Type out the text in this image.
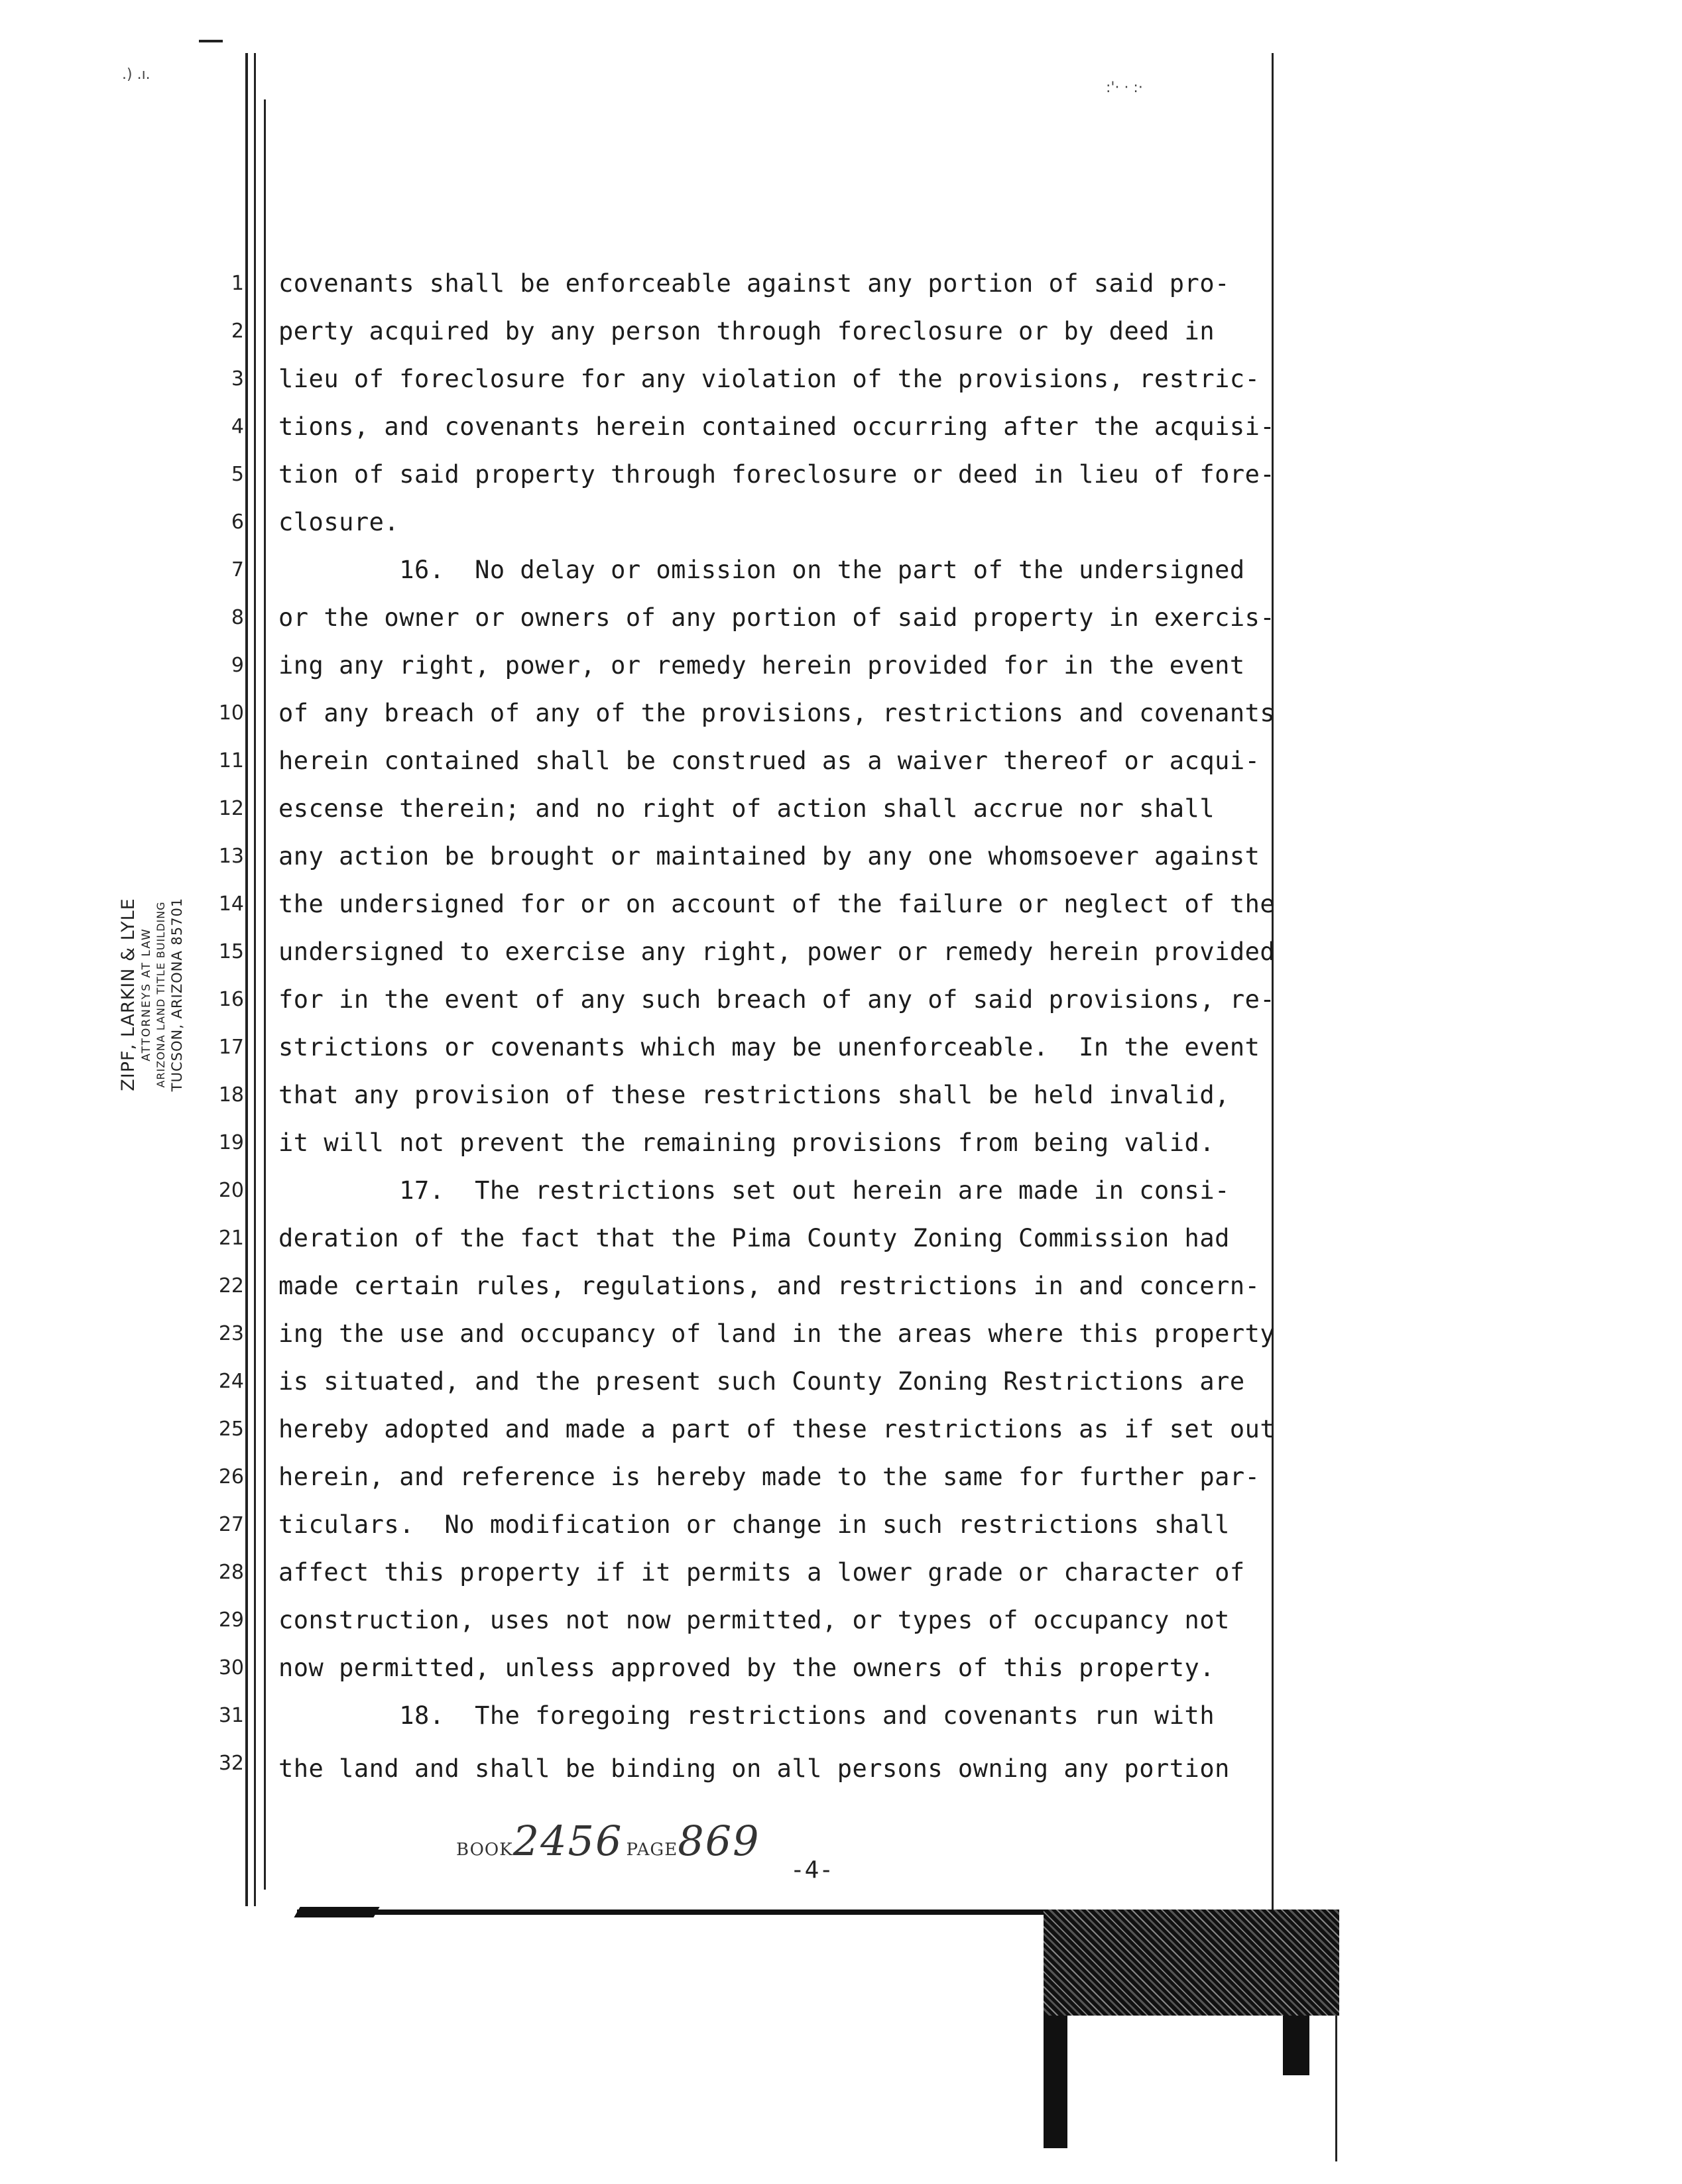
.) .ı.
:'· · :·
ZIPF, LARKIN & LYLE ATTORNEYS AT LAW ARIZONA LAND TITLE BUILDING TUCSON, ARIZONA 85701
1
2
3
4
5
6
7
8
9
10
11
12
13
14
15
16
17
18
19
20
21
22
23
24
25
26
27
28
29
30
31
32
covenants shall be enforceable against any portion of said pro-
perty acquired by any person through foreclosure or by deed in
lieu of foreclosure for any violation of the provisions, restric-
tions, and covenants herein contained occurring after the acquisi-
tion of said property through foreclosure or deed in lieu of fore-
closure.
16.  No delay or omission on the part of the undersigned
or the owner or owners of any portion of said property in exercis-
ing any right, power, or remedy herein provided for in the event
of any breach of any of the provisions, restrictions and covenants
herein contained shall be construed as a waiver thereof or acqui-
escense therein; and no right of action shall accrue nor shall
any action be brought or maintained by any one whomsoever against
the undersigned for or on account of the failure or neglect of the
undersigned to exercise any right, power or remedy herein provided
for in the event of any such breach of any of said provisions, re-
strictions or covenants which may be unenforceable.  In the event
that any provision of these restrictions shall be held invalid,
it will not prevent the remaining provisions from being valid.
17.  The restrictions set out herein are made in consi-
deration of the fact that the Pima County Zoning Commission had
made certain rules, regulations, and restrictions in and concern-
ing the use and occupancy of land in the areas where this property
is situated, and the present such County Zoning Restrictions are
hereby adopted and made a part of these restrictions as if set out
herein, and reference is hereby made to the same for further par-
ticulars.  No modification or change in such restrictions shall
affect this property if it permits a lower grade or character of
construction, uses not now permitted, or types of occupancy not
now permitted, unless approved by the owners of this property.
18.  The foregoing restrictions and covenants run with
the land and shall be binding on all persons owning any portion
BOOK2456 PAGE869
-4-
